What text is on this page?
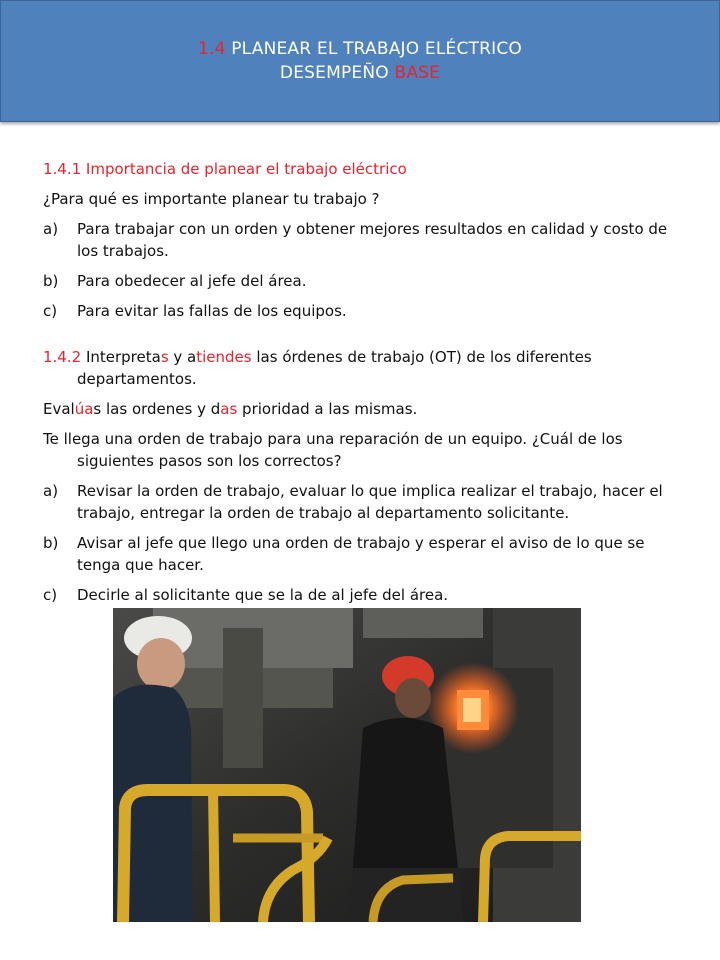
1.4 PLANEAR EL TRABAJO ELÉCTRICO
DESEMPEÑO BASE

1.4.1 Importancia de planear el trabajo eléctrico

¿Para qué es importante planear tu trabajo ?

a)	Para trabajar con un orden y obtener mejores resultados en calidad y costo de los trabajos.
b)	Para obedecer al jefe del área.
c)	Para evitar las fallas de los equipos.

1.4.2 Interpretas y atiendes las órdenes de trabajo (OT) de los diferentes departamentos.

Evalúas las ordenes y das prioridad a las mismas.

Te llega una orden de trabajo para una reparación de un equipo. ¿Cuál de los siguientes pasos son los correctos?

a)	Revisar la orden de trabajo, evaluar lo que implica realizar el trabajo, hacer el trabajo, entregar la orden de trabajo al departamento solicitante.
b)	Avisar al jefe que llego una orden de trabajo y esperar el aviso de lo que se tenga que hacer.
c)	Decirle al solicitante que se la de al jefe del área.
